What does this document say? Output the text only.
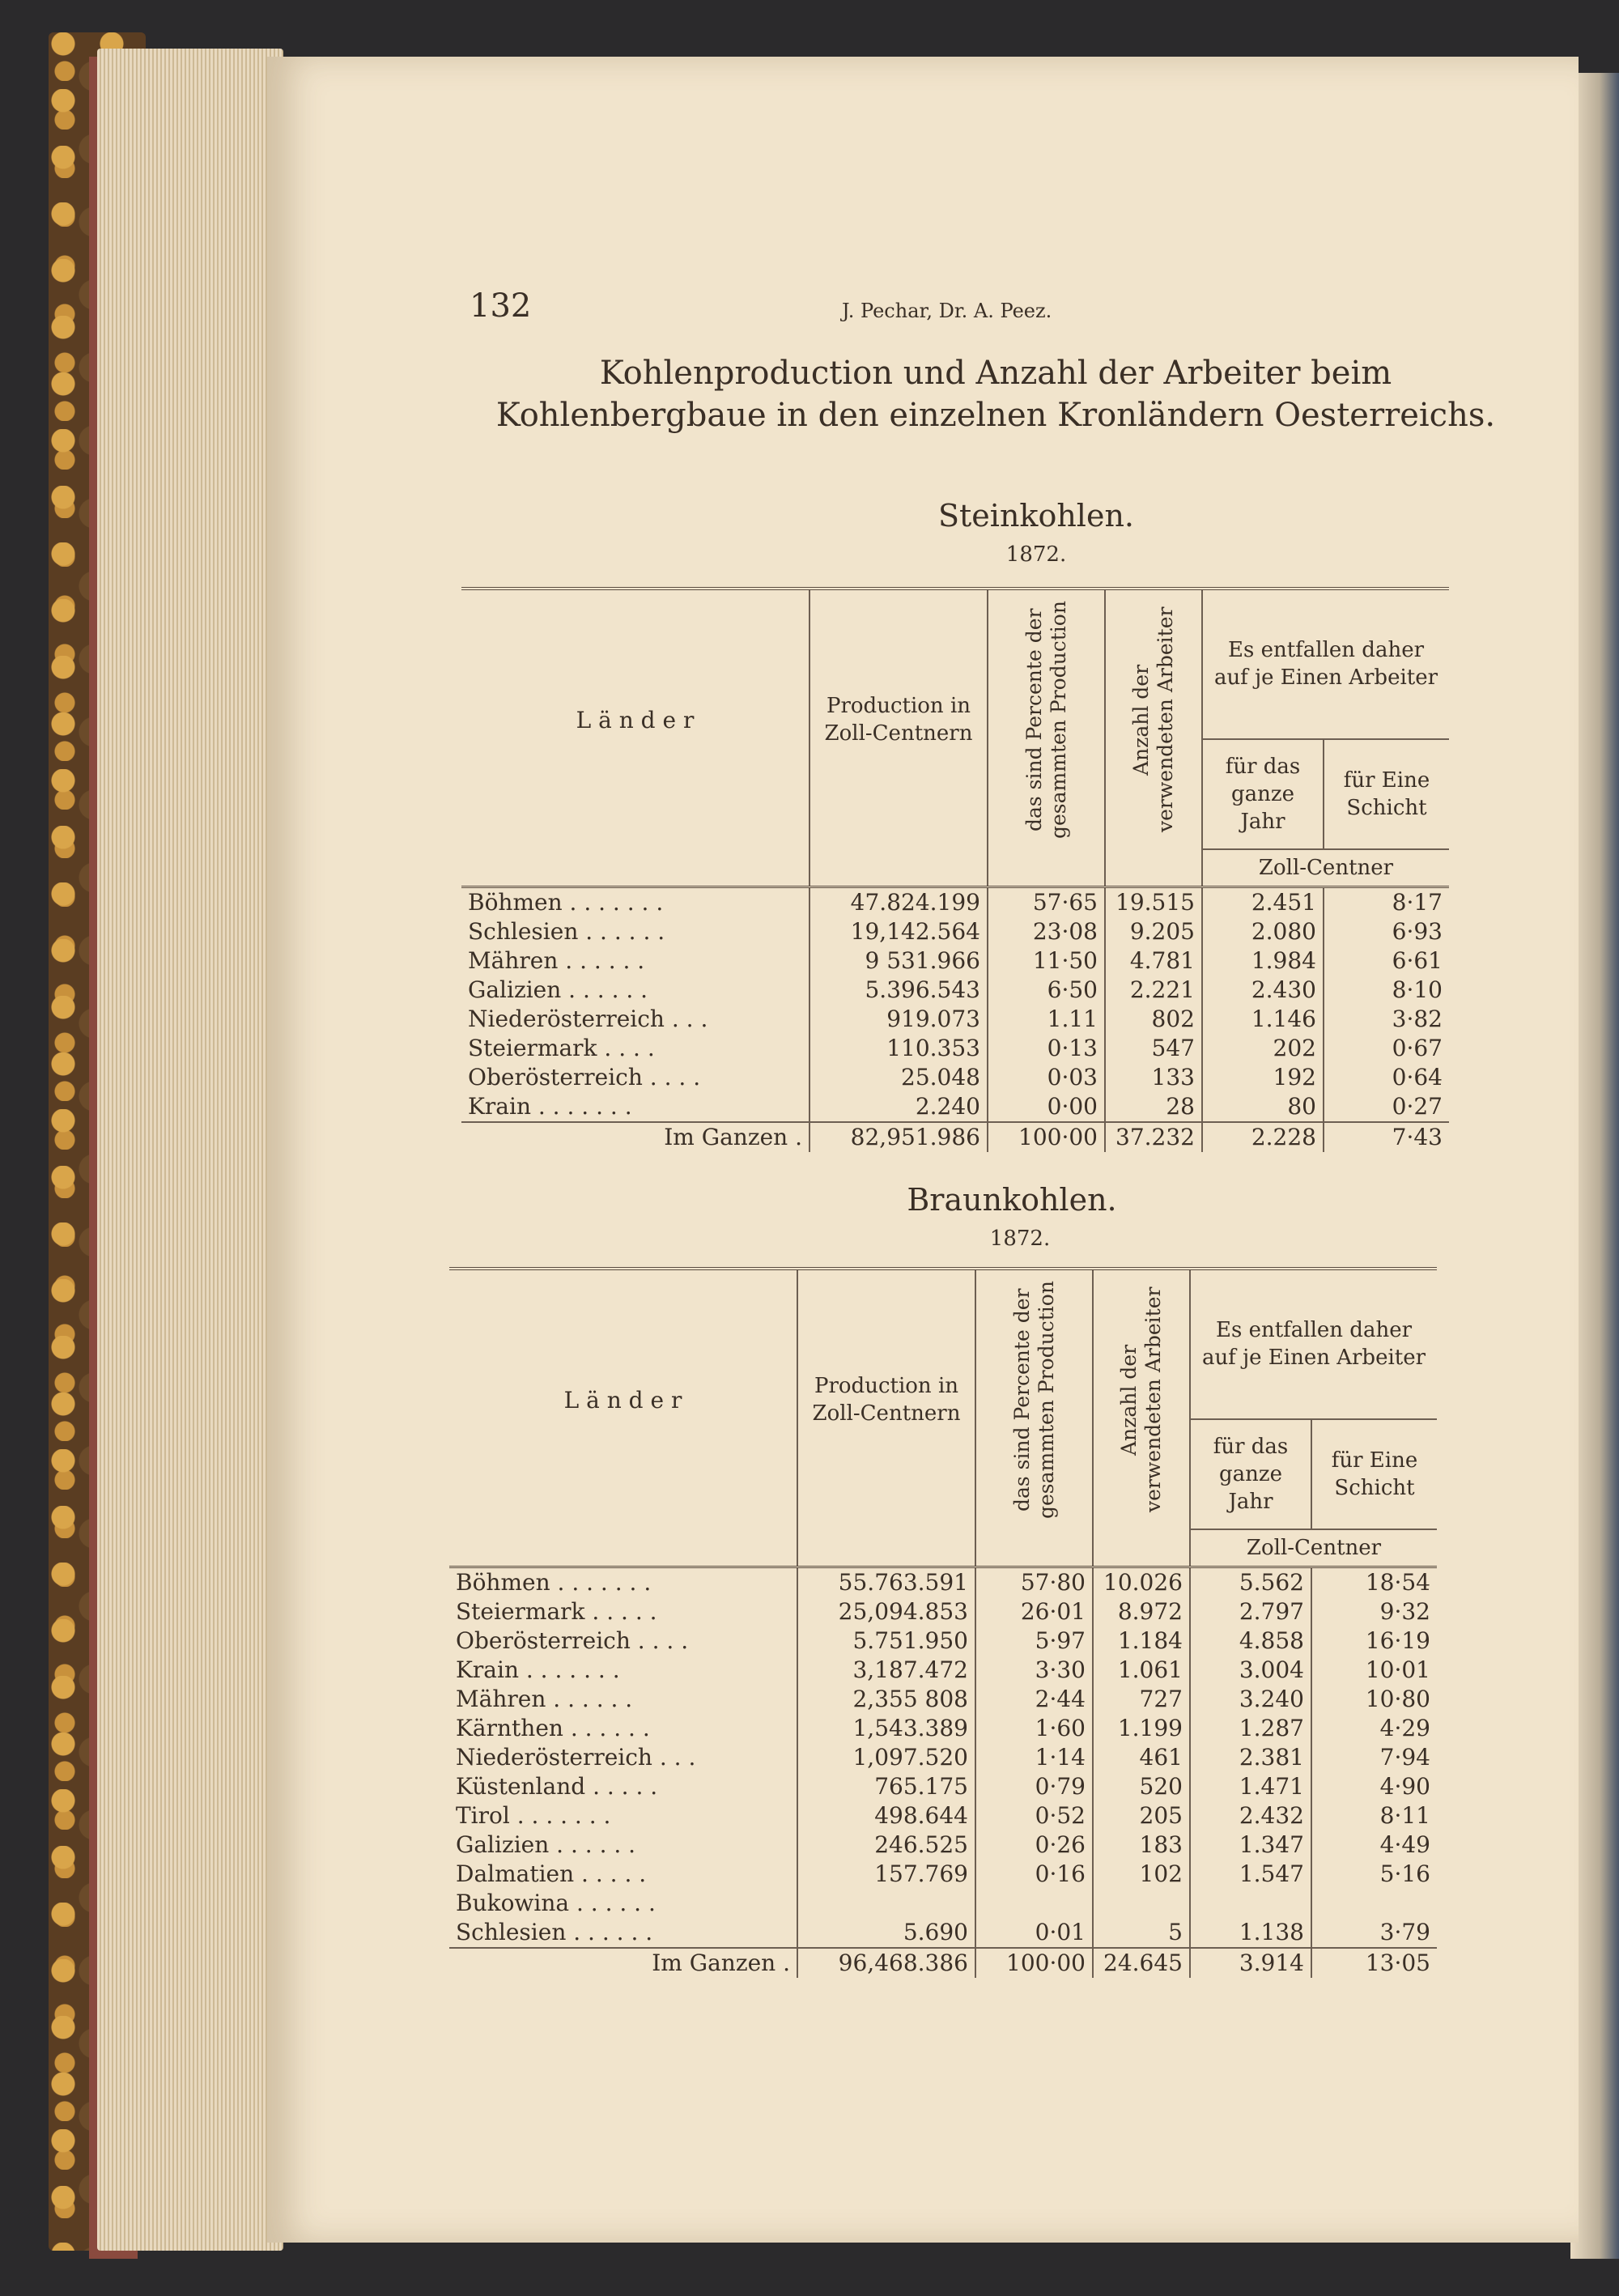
132	J. Pechar, Dr. A. Peez.
Kohlenproduction und Anzahl der Arbeiter beim Kohlenbergbaue in den einzelnen Kronländern Oesterreichs.
Steinkohlen.
1872.
L ä n d e r	Production in Zoll-Centnern	das sind Percente der gesammten Production	Anzahl der verwendeten Arbeiter	Es entfallen daher auf je Einen Arbeiter	
				für das ganze Jahr	für Eine Schicht
				Zoll-Centner	
Böhmen . . . . . . .	47.824.199	57·65	19.515	2.451	8·17
Schlesien . . . . . .	19,142.564	23·08	9.205	2.080	6·93
Mähren . . . . . .	9 531.966	11·50	4.781	1.984	6·61
Galizien . . . . . .	5.396.543	6·50	2.221	2.430	8·10
Niederösterreich . . .	919.073	1.11	802	1.146	3·82
Steiermark . . . .	110.353	0·13	547	202	0·67
Oberösterreich . . . .	25.048	0·03	133	192	0·64
Krain . . . . . . .	2.240	0·00	28	80	0·27
Im Ganzen .	82,951.986	100·00	37.232	2.228	7·43
Braunkohlen.
1872.
L ä n d e r	Production in Zoll-Centnern	das sind Percente der gesammten Production	Anzahl der verwendeten Arbeiter	Es entfallen daher auf je Einen Arbeiter	
				für das ganze Jahr	für Eine Schicht
				Zoll-Centner	
Böhmen . . . . . . .	55.763.591	57·80	10.026	5.562	18·54
Steiermark . . . . .	25,094.853	26·01	8.972	2.797	9·32
Oberösterreich . . . .	5.751.950	5·97	1.184	4.858	16·19
Krain . . . . . . .	3,187.472	3·30	1.061	3.004	10·01
Mähren . . . . . .	2,355 808	2·44	727	3.240	10·80
Kärnthen . . . . . .	1,543.389	1·60	1.199	1.287	4·29
Niederösterreich . . .	1,097.520	1·14	461	2.381	7·94
Küstenland . . . . .	765.175	0·79	520	1.471	4·90
Tirol . . . . . . .	498.644	0·52	205	2.432	8·11
Galizien . . . . . .	246.525	0·26	183	1.347	4·49
Dalmatien . . . . .	157.769	0·16	102	1.547	5·16
Bukowina . . . . . .					
Schlesien . . . . . .	5.690	0·01	5	1.138	3·79
Im Ganzen .	96,468.386	100·00	24.645	3.914	13·05
